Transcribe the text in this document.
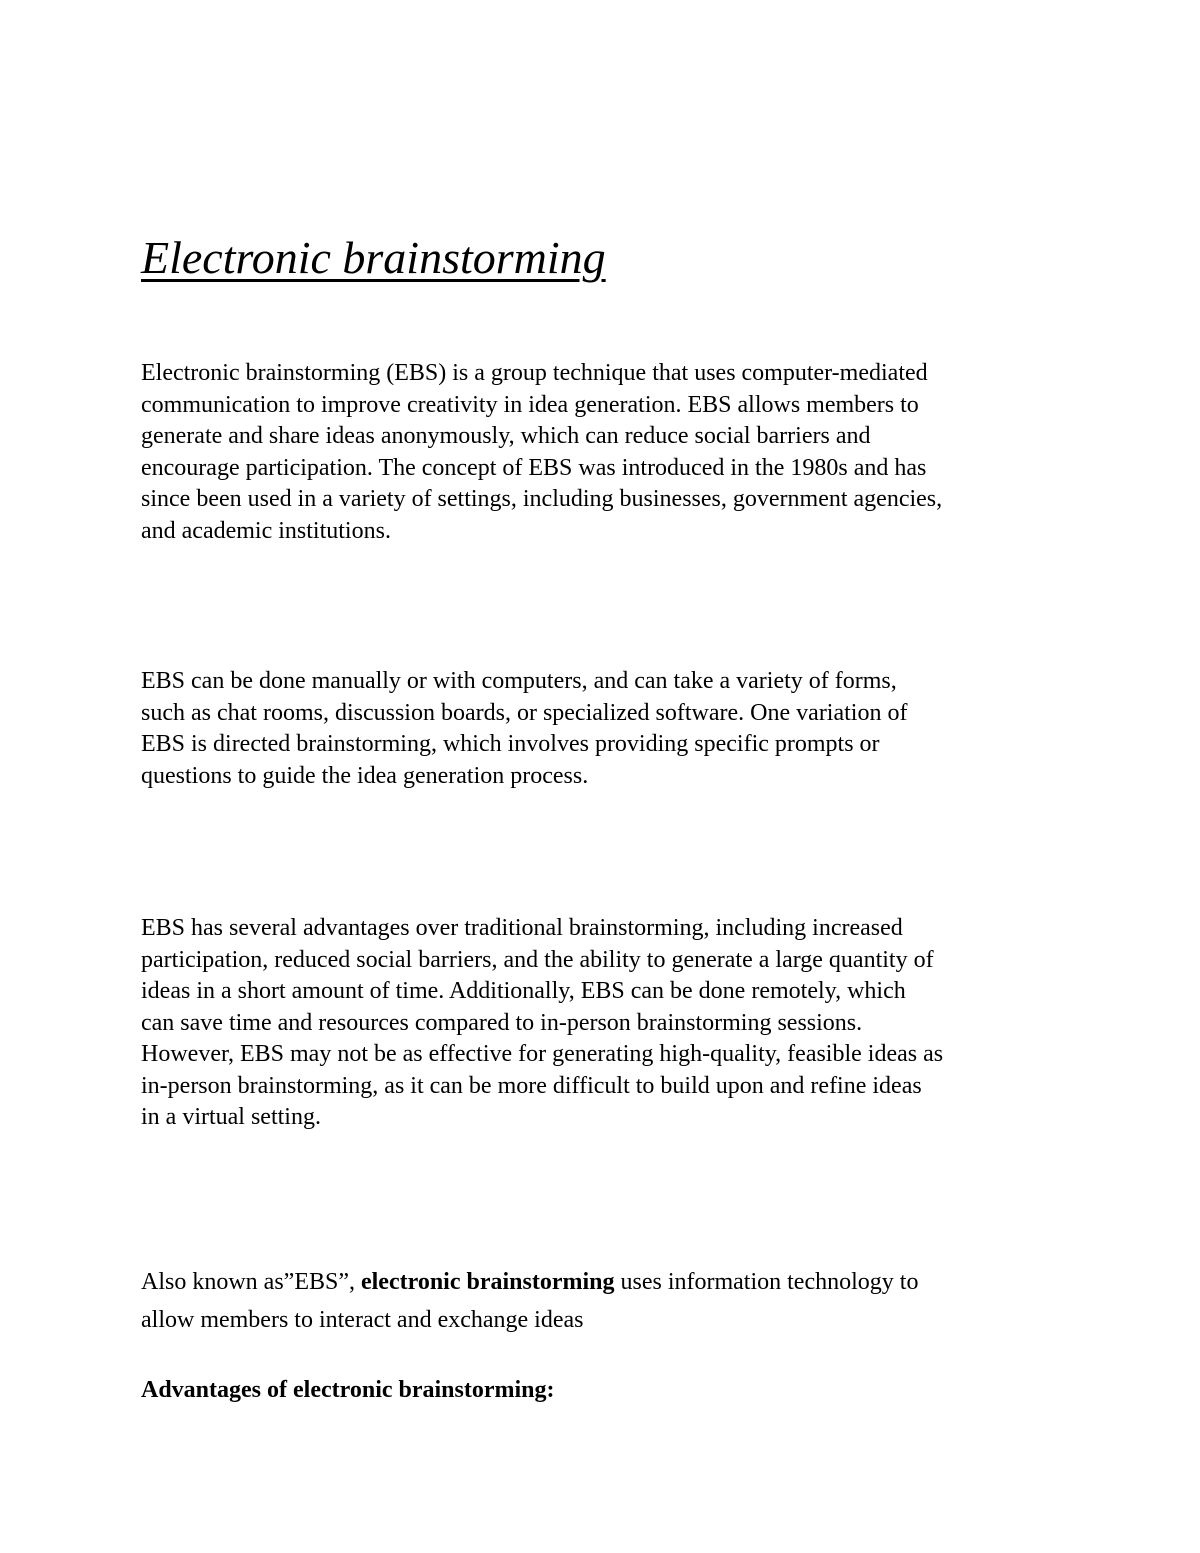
Electronic brainstorming

Electronic brainstorming (EBS) is a group technique that uses computer-mediated
communication to improve creativity in idea generation. EBS allows members to
generate and share ideas anonymously, which can reduce social barriers and
encourage participation. The concept of EBS was introduced in the 1980s and has
since been used in a variety of settings, including businesses, government agencies,
and academic institutions.

EBS can be done manually or with computers, and can take a variety of forms,
such as chat rooms, discussion boards, or specialized software. One variation of
EBS is directed brainstorming, which involves providing specific prompts or
questions to guide the idea generation process.

EBS has several advantages over traditional brainstorming, including increased
participation, reduced social barriers, and the ability to generate a large quantity of
ideas in a short amount of time. Additionally, EBS can be done remotely, which
can save time and resources compared to in-person brainstorming sessions.
However, EBS may not be as effective for generating high-quality, feasible ideas as
in-person brainstorming, as it can be more difficult to build upon and refine ideas
in a virtual setting.

Also known as”EBS”, electronic brainstorming uses information technology to
allow members to interact and exchange ideas

Advantages of electronic brainstorming:
